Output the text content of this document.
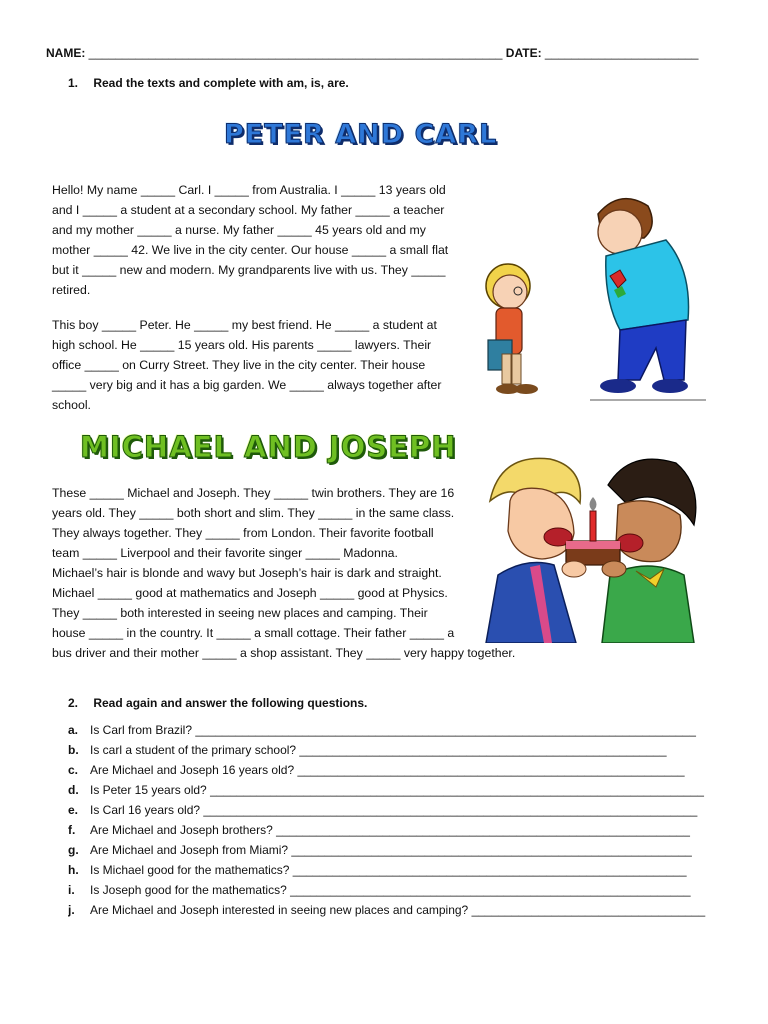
NAME: ______________________________________________________________ DATE: _______________________
1. Read the texts and complete with am, is, are.
PETER AND CARL
Hello! My name _____ Carl. I _____ from Australia. I _____ 13 years old
and I _____ a student at a secondary school. My father _____ a teacher
and my mother _____ a nurse. My father _____ 45 years old and my
mother _____ 42. We live in the city center. Our house _____ a small flat
but it _____ new and modern. My grandparents live with us. They _____
retired.
This boy _____ Peter. He _____ my best friend. He _____ a student at
high school. He _____ 15 years old. His parents _____ lawyers. Their
office _____ on Curry Street. They live in the city center. Their house
_____ very big and it has a big garden. We _____ always together after
school.
MICHAEL AND JOSEPH
These _____ Michael and Joseph. They _____ twin brothers. They are 16
years old. They _____ both short and slim. They _____ in the same class.
They always together. They _____ from London. Their favorite football
team _____ Liverpool and their favorite singer _____ Madonna.
Michael’s hair is blonde and wavy but Joseph’s hair is dark and straight.
Michael _____ good at mathematics and Joseph _____ good at Physics.
They _____ both interested in seeing new places and camping. Their
house _____ in the country. It _____ a small cottage. Their father _____ a
bus driver and their mother _____ a shop assistant. They _____ very happy together.
2. Read again and answer the following questions.
a. Is Carl from Brazil? ___________________________________________________________________________
b. Is carl a student of the primary school? _______________________________________________________
c. Are Michael and Joseph 16 years old? __________________________________________________________
d. Is Peter 15 years old? __________________________________________________________________________
e. Is Carl 16 years old? __________________________________________________________________________
f. Are Michael and Joseph brothers? ______________________________________________________________
g. Are Michael and Joseph from Miami? ____________________________________________________________
h. Is Michael good for the mathematics? ___________________________________________________________
i. Is Joseph good for the mathematics? ____________________________________________________________
j. Are Michael and Joseph interested in seeing new places and camping? ___________________________________
